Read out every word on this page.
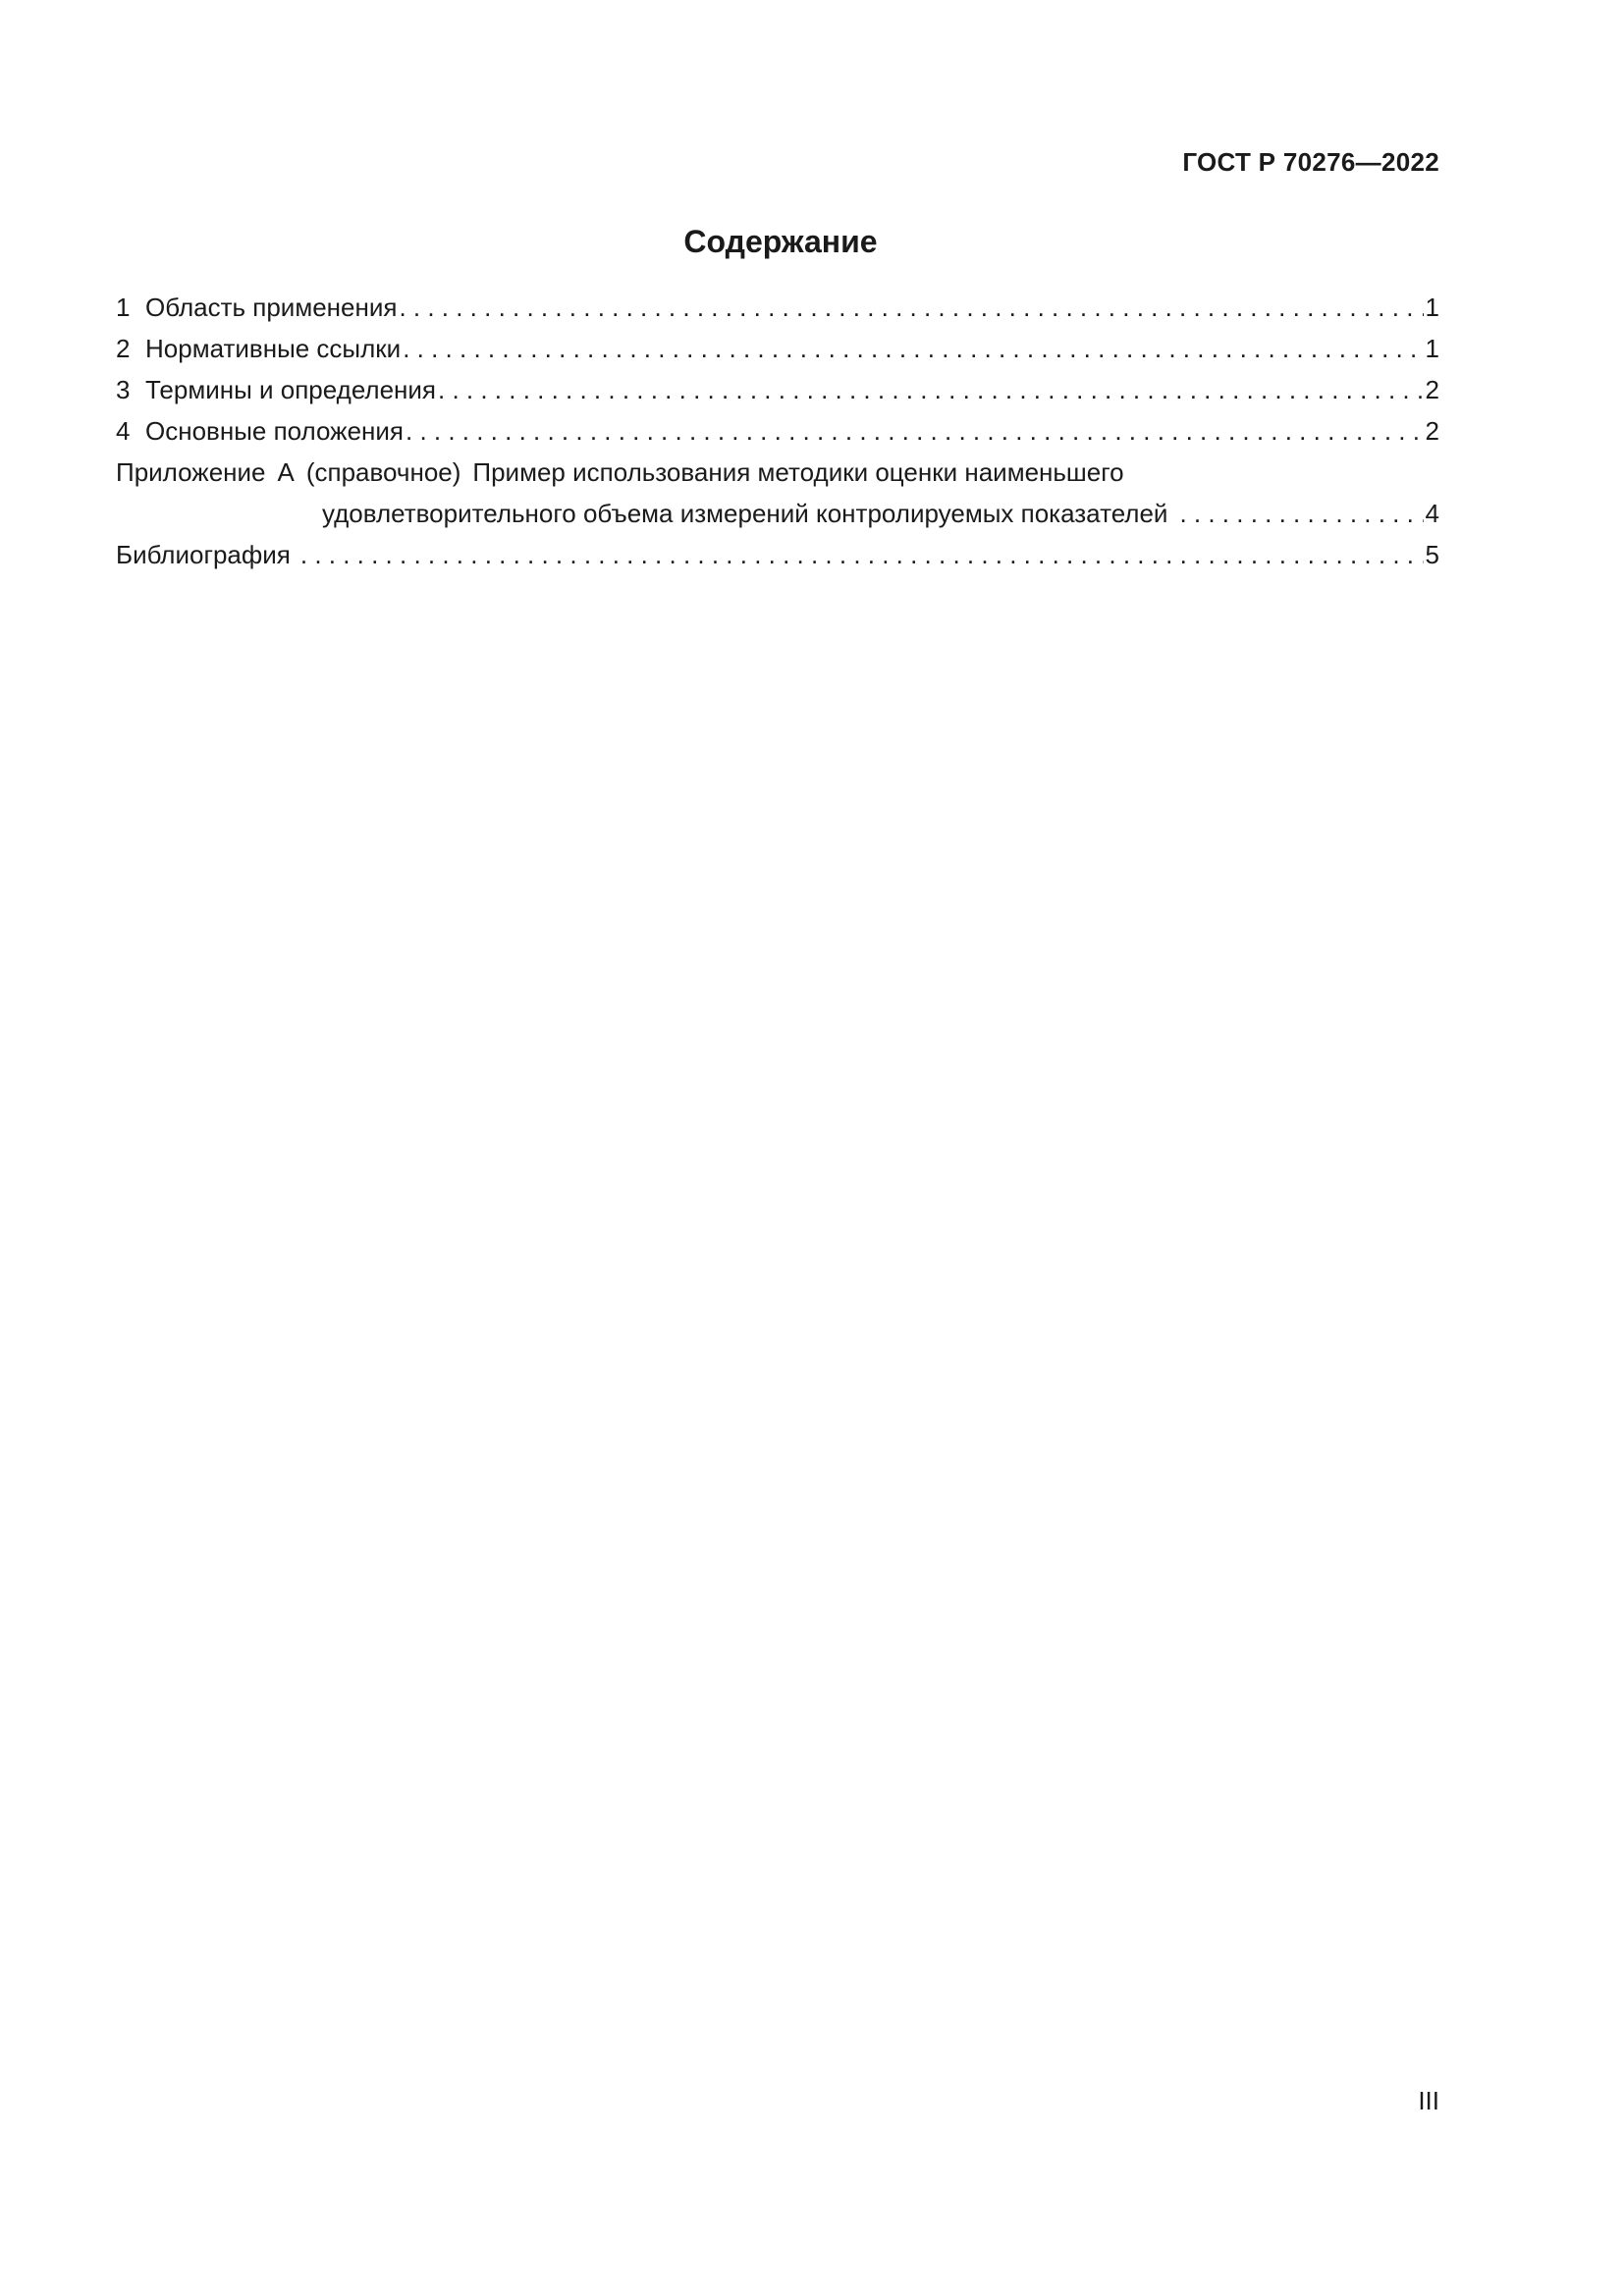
ГОСТ Р 70276—2022
Содержание
1 Область применения . . .	1
2 Нормативные ссылки . . .	1
3 Термины и определения . . .	2
4 Основные положения . . .	2
Приложение А (справочное) Пример использования методики оценки наименьшего
удовлетворительного объема измерений контролируемых показателей . . .	4
Библиография . . .	5
III
